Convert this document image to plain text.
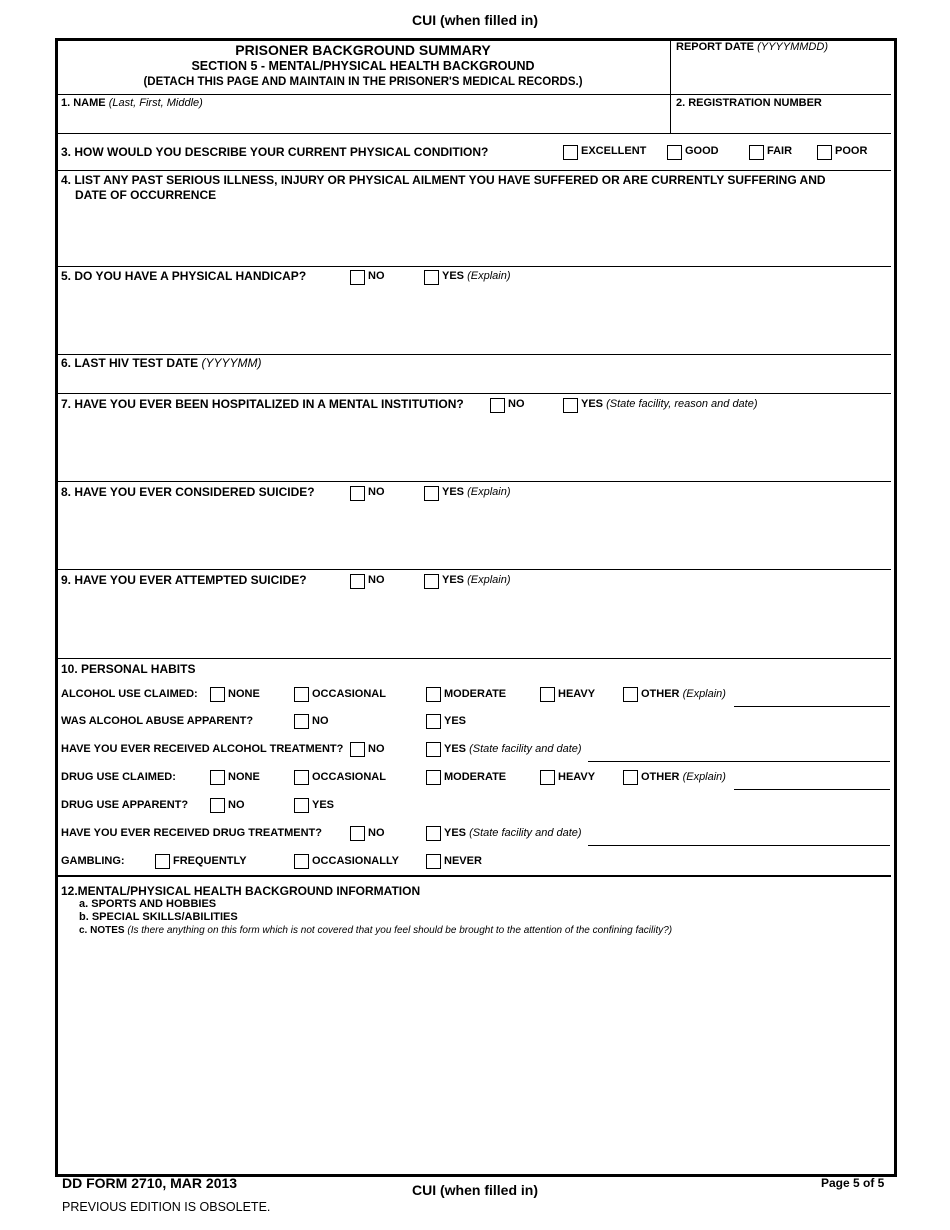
CUI (when filled in)
PRISONER BACKGROUND SUMMARY
SECTION 5 - MENTAL/PHYSICAL HEALTH BACKGROUND
(DETACH THIS PAGE AND MAINTAIN IN THE PRISONER'S MEDICAL RECORDS.)
REPORT DATE (YYYYMMDD)
1. NAME (Last, First, Middle)	2. REGISTRATION NUMBER
3. HOW WOULD YOU DESCRIBE YOUR CURRENT PHYSICAL CONDITION?	EXCELLENT	GOOD	FAIR	POOR
4. LIST ANY PAST SERIOUS ILLNESS, INJURY OR PHYSICAL AILMENT YOU HAVE SUFFERED OR ARE CURRENTLY SUFFERING AND
DATE OF OCCURRENCE
5. DO YOU HAVE A PHYSICAL HANDICAP?	NO	YES (Explain)
6. LAST HIV TEST DATE (YYYYMM)
7. HAVE YOU EVER BEEN HOSPITALIZED IN A MENTAL INSTITUTION?	NO	YES (State facility, reason and date)
8. HAVE YOU EVER CONSIDERED SUICIDE?	NO	YES (Explain)
9. HAVE YOU EVER ATTEMPTED SUICIDE?	NO	YES (Explain)
10. PERSONAL HABITS
ALCOHOL USE CLAIMED:	NONE	OCCASIONAL	MODERATE	HEAVY	OTHER (Explain)
WAS ALCOHOL ABUSE APPARENT?	NO	YES
HAVE YOU EVER RECEIVED ALCOHOL TREATMENT? NO	YES (State facility and date)
DRUG USE CLAIMED:	NONE	OCCASIONAL	MODERATE	HEAVY	OTHER (Explain)
DRUG USE APPARENT?	NO	YES
HAVE YOU EVER RECEIVED DRUG TREATMENT?	NO	YES (State facility and date)
GAMBLING:	FREQUENTLY	OCCASIONALLY	NEVER
12.MENTAL/PHYSICAL HEALTH BACKGROUND INFORMATION
a. SPORTS AND HOBBIES
b. SPECIAL SKILLS/ABILITIES
c. NOTES (Is there anything on this form which is not covered that you feel should be brought to the attention of the confining facility?)
DD FORM 2710, MAR 2013	CUI (when filled in)	Page 5 of 5
PREVIOUS EDITION IS OBSOLETE.
